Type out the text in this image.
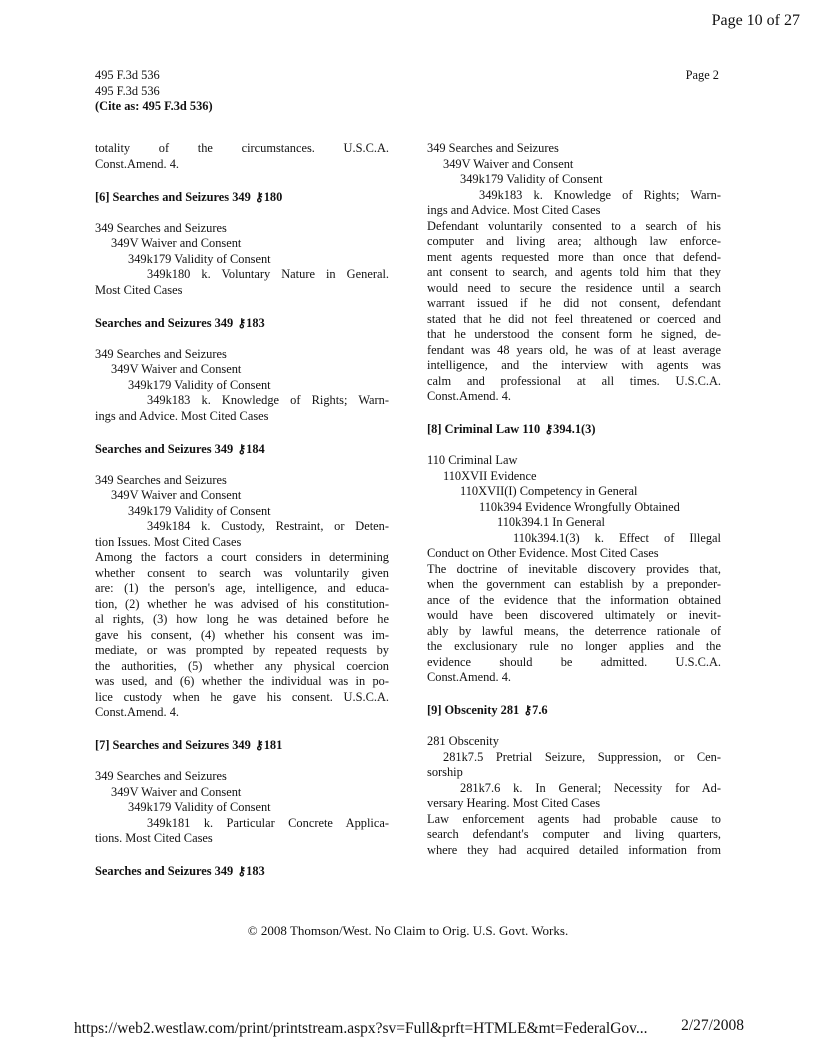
Page 10 of 27
495 F.3d 536
495 F.3d 536
(Cite as: 495 F.3d 536)
Page 2
totality of the circumstances. U.S.C.A.
Const.Amend. 4.
[6] Searches and Seizures 349 ⚷180
349 Searches and Seizures
349V Waiver and Consent
349k179 Validity of Consent
349k180 k. Voluntary Nature in General.
Most Cited Cases
Searches and Seizures 349 ⚷183
349 Searches and Seizures
349V Waiver and Consent
349k179 Validity of Consent
349k183 k. Knowledge of Rights; Warn-
ings and Advice. Most Cited Cases
Searches and Seizures 349 ⚷184
349 Searches and Seizures
349V Waiver and Consent
349k179 Validity of Consent
349k184 k. Custody, Restraint, or Deten-
tion Issues. Most Cited Cases
Among the factors a court considers in determining
whether consent to search was voluntarily given
are: (1) the person's age, intelligence, and educa-
tion, (2) whether he was advised of his constitution-
al rights, (3) how long he was detained before he
gave his consent, (4) whether his consent was im-
mediate, or was prompted by repeated requests by
the authorities, (5) whether any physical coercion
was used, and (6) whether the individual was in po-
lice custody when he gave his consent. U.S.C.A.
Const.Amend. 4.
[7] Searches and Seizures 349 ⚷181
349 Searches and Seizures
349V Waiver and Consent
349k179 Validity of Consent
349k181 k. Particular Concrete Applica-
tions. Most Cited Cases
Searches and Seizures 349 ⚷183
349 Searches and Seizures
349V Waiver and Consent
349k179 Validity of Consent
349k183 k. Knowledge of Rights; Warn-
ings and Advice. Most Cited Cases
Defendant voluntarily consented to a search of his
computer and living area; although law enforce-
ment agents requested more than once that defend-
ant consent to search, and agents told him that they
would need to secure the residence until a search
warrant issued if he did not consent, defendant
stated that he did not feel threatened or coerced and
that he understood the consent form he signed, de-
fendant was 48 years old, he was of at least average
intelligence, and the interview with agents was
calm and professional at all times. U.S.C.A.
Const.Amend. 4.
[8] Criminal Law 110 ⚷394.1(3)
110 Criminal Law
110XVII Evidence
110XVII(I) Competency in General
110k394 Evidence Wrongfully Obtained
110k394.1 In General
110k394.1(3) k. Effect of Illegal
Conduct on Other Evidence. Most Cited Cases
The doctrine of inevitable discovery provides that,
when the government can establish by a preponder-
ance of the evidence that the information obtained
would have been discovered ultimately or inevit-
ably by lawful means, the deterrence rationale of
the exclusionary rule no longer applies and the
evidence should be admitted. U.S.C.A.
Const.Amend. 4.
[9] Obscenity 281 ⚷7.6
281 Obscenity
281k7.5 Pretrial Seizure, Suppression, or Cen-
sorship
281k7.6 k. In General; Necessity for Ad-
versary Hearing. Most Cited Cases
Law enforcement agents had probable cause to
search defendant's computer and living quarters,
where they had acquired detailed information from
© 2008 Thomson/West. No Claim to Orig. U.S. Govt. Works.
https://web2.westlaw.com/print/printstream.aspx?sv=Full&prft=HTMLE&mt=FederalGov... 2/27/2008
